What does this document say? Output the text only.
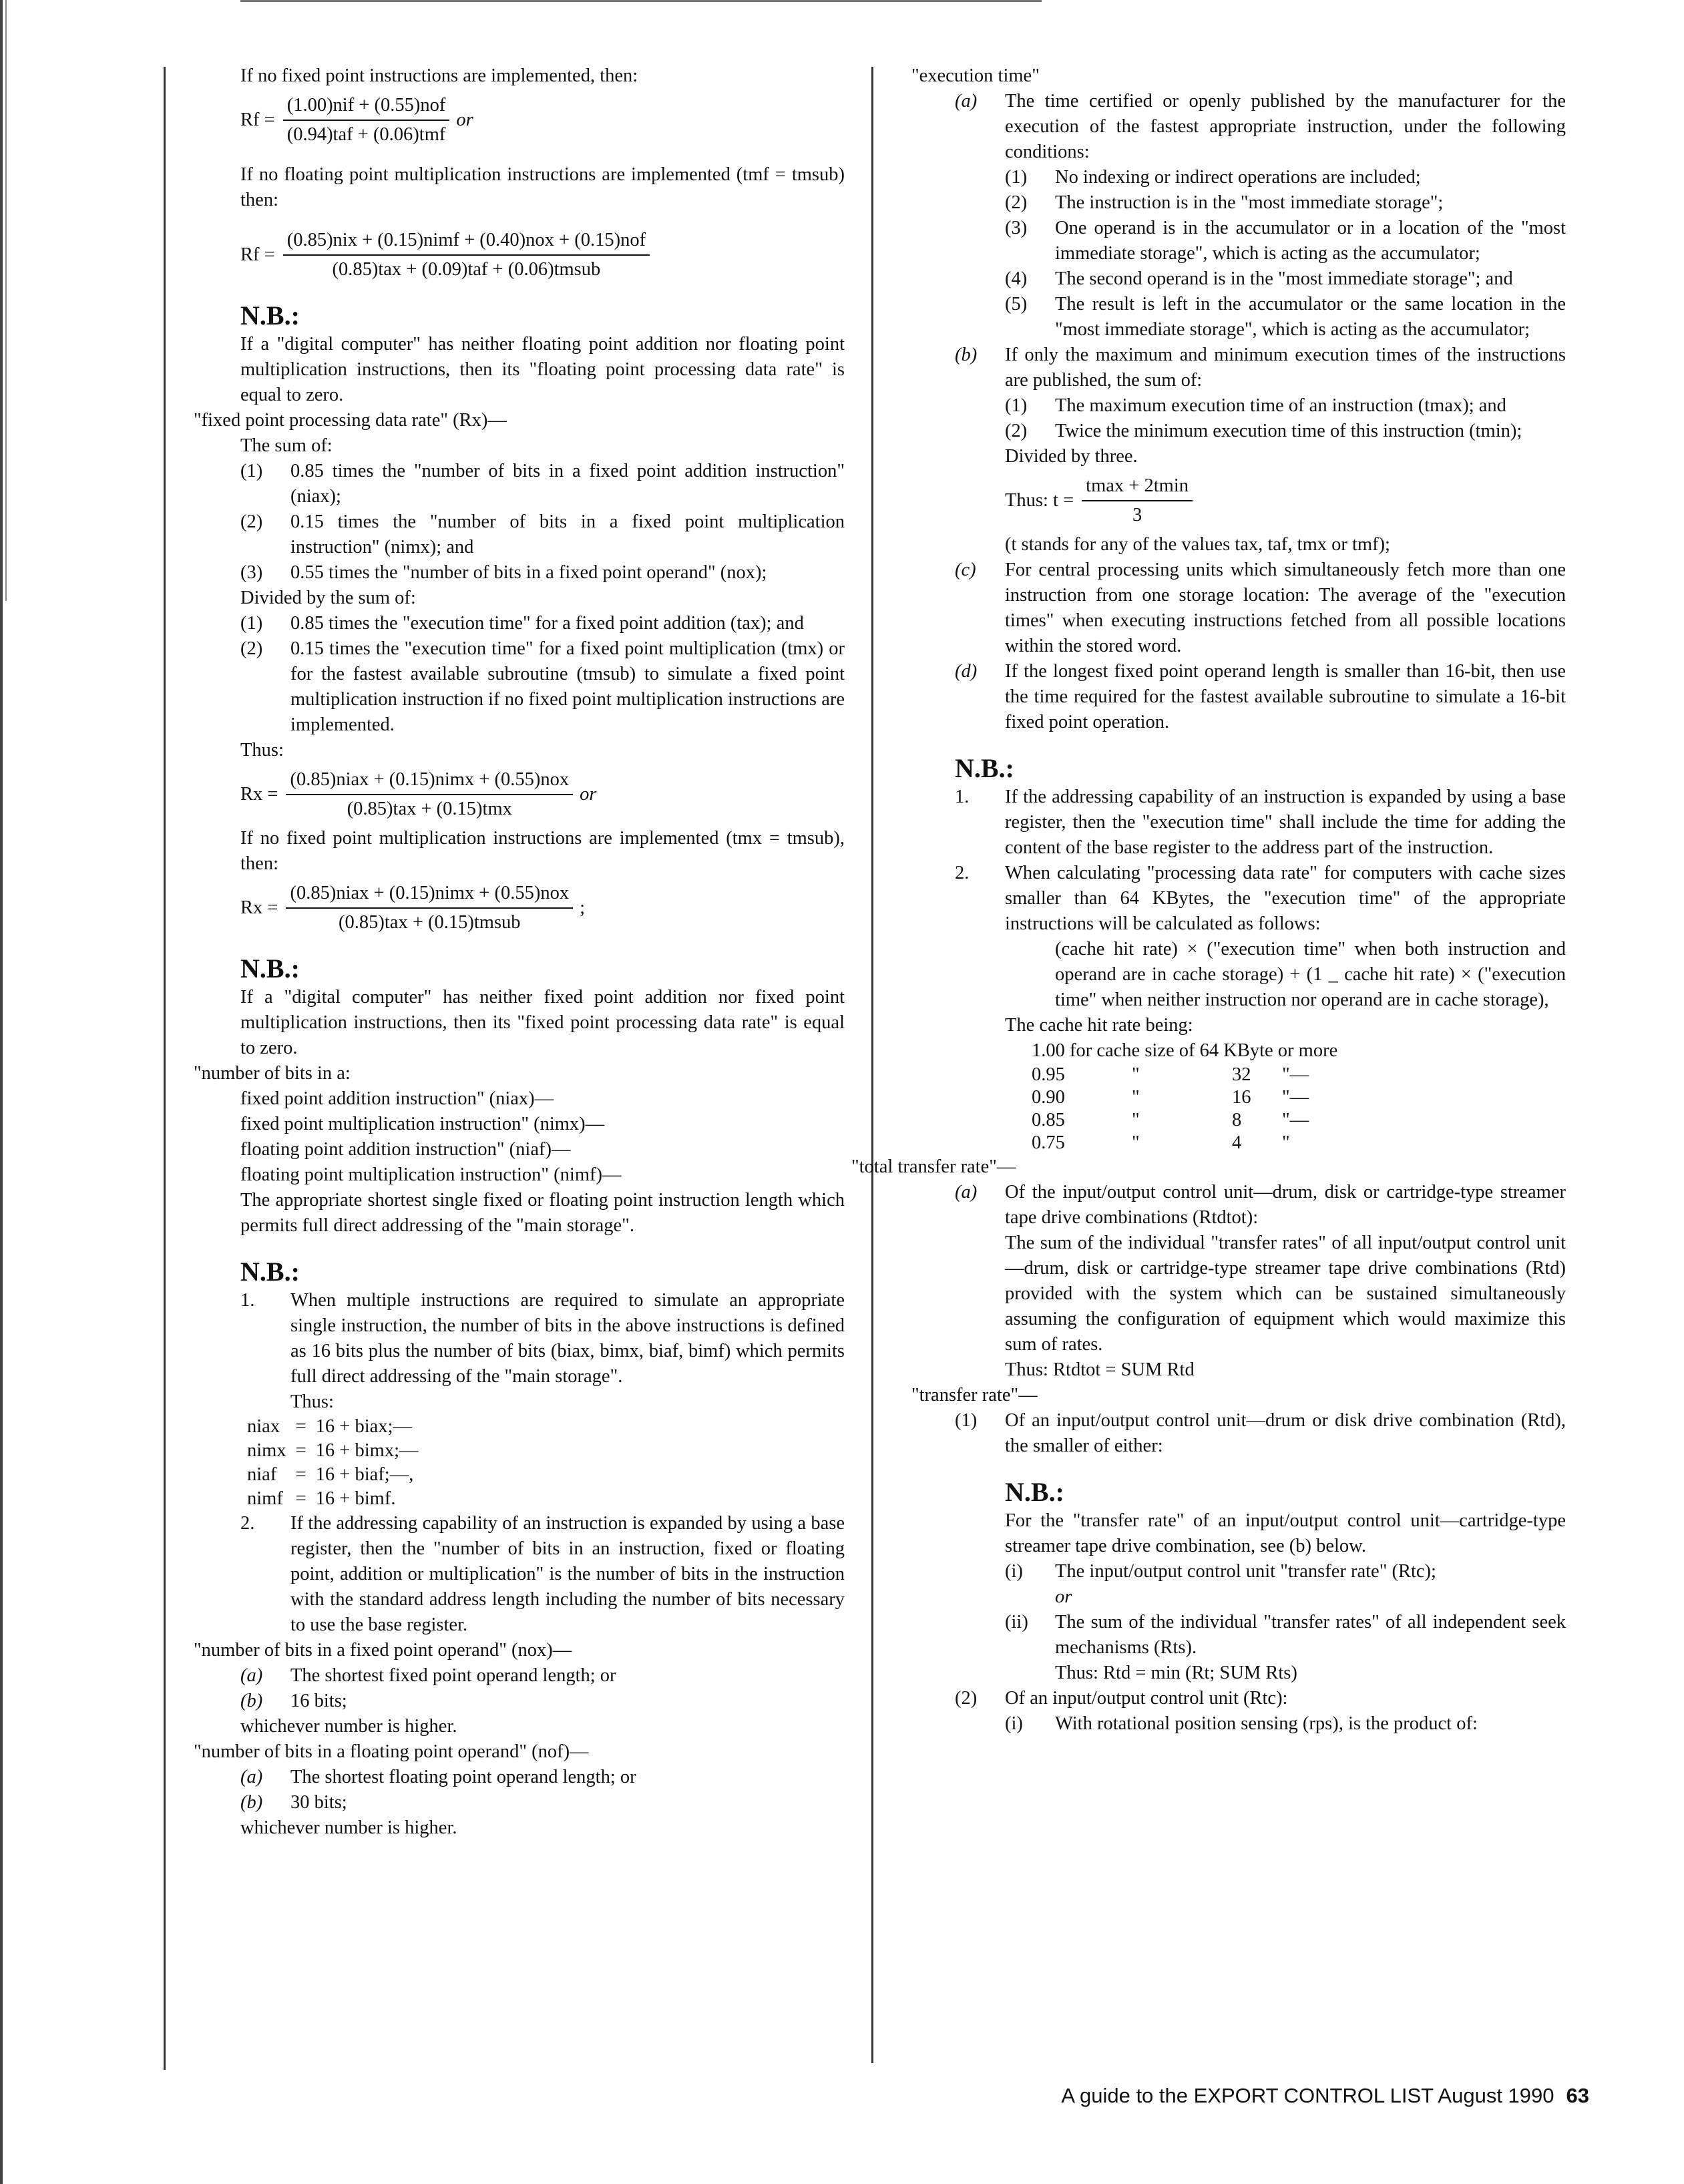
If no fixed point instructions are implemented, then:

$Rf = \frac{\text{(1.00)nif + (0.55)nof}}{\text{(0.94)taf + (0.06)tmf}}$ or

If no floating point multiplication instructions are implemented (tmf = tmsub) then:

$Rf = \frac{\text{(0.85)nix + (0.15)nimf + (0.40)nox + (0.15)nof}}{\text{(0.85)tax + (0.09)taf + (0.06)tmsub}}$

N.B.:

If a "digital computer" has neither floating point addition nor floating point multiplication instructions, then its "floating point processing data rate" is equal to zero.

"fixed point processing data rate" (Rx)—

The sum of:

(1)	0.85 times the "number of bits in a fixed point addition instruction" (niax);
(2)	0.15 times the "number of bits in a fixed point multiplication instruction" (nimx); and
(3)	0.55 times the "number of bits in a fixed point operand" (nox);

Divided by the sum of:

(1)	0.85 times the "execution time" for a fixed point addition (tax); and
(2)	0.15 times the "execution time" for a fixed point multiplication (tmx) or for the fastest available subroutine (tmsub) to simulate a fixed point multiplication instruction if no fixed point multiplication instructions are implemented.

Thus:

$Rx = \frac{\text{(0.85)niax + (0.15)nimx + (0.55)nox}}{\text{(0.85)tax + (0.15)tmx}}$ or

If no fixed point multiplication instructions are implemented (tmx = tmsub), then:

$Rx = \frac{\text{(0.85)niax + (0.15)nimx + (0.55)nox}}{\text{(0.85)tax + (0.15)tmsub}}$ ;

N.B.:

If a "digital computer" has neither fixed point addition nor fixed point multiplication instructions, then its "fixed point processing data rate" is equal to zero.

"number of bits in a:

fixed point addition instruction" (niax)—

fixed point multiplication instruction" (nimx)—

floating point addition instruction" (niaf)—

floating point multiplication instruction" (nimf)—

The appropriate shortest single fixed or floating point instruction length which permits full direct addressing of the "main storage".

N.B.:

1.	When multiple instructions are required to simulate an appropriate single instruction, the number of bits in the above instructions is defined as 16 bits plus the number of bits (biax, bimx, biaf, bimf) which permits full direct addressing of the "main storage".

Thus:

niax	=	16 + biax;—
nimx	=	16 + bimx;—
niaf	=	16 + biaf;—,
nimf	=	16 + bimf.
2.	If the addressing capability of an instruction is expanded by using a base register, then the "number of bits in an instruction, fixed or floating point, addition or multiplication" is the number of bits in the instruction with the standard address length including the number of bits necessary to use the base register.

"number of bits in a fixed point operand" (nox)—

(a)	The shortest fixed point operand length; or
(b)	16 bits;

whichever number is higher.

"number of bits in a floating point operand" (nof)—

(a)	The shortest floating point operand length; or
(b)	30 bits;

whichever number is higher.

"execution time"

(a)	The time certified or openly published by the manufacturer for the execution of the fastest appropriate instruction, under the following conditions:
(1)	No indexing or indirect operations are included;
(2)	The instruction is in the "most immediate storage";
(3)	One operand is in the accumulator or in a location of the "most immediate storage", which is acting as the accumulator;
(4)	The second operand is in the "most immediate storage"; and
(5)	The result is left in the accumulator or the same location in the "most immediate storage", which is acting as the accumulator;
(b)	If only the maximum and minimum execution times of the instructions are published, the sum of:
(1)	The maximum execution time of an instruction (tmax); and
(2)	Twice the minimum execution time of this instruction (tmin);

Divided by three.

Thus: $t = \frac{tmax + 2tmin}{3}$

(t stands for any of the values tax, taf, tmx or tmf);

(c)	For central processing units which simultaneously fetch more than one instruction from one storage location: The average of the "execution times" when executing instructions fetched from all possible locations within the stored word.
(d)	If the longest fixed point operand length is smaller than 16-bit, then use the time required for the fastest available subroutine to simulate a 16-bit fixed point operation.

N.B.:

1.	If the addressing capability of an instruction is expanded by using a base register, then the "execution time" shall include the time for adding the content of the base register to the address part of the instruction.
2.	When calculating "processing data rate" for computers with cache sizes smaller than 64 KBytes, the "execution time" of the appropriate instructions will be calculated as follows:

(cache hit rate) × ("execution time" when both instruction and operand are in cache storage) + (1 _ cache hit rate) × ("execution time" when neither instruction nor operand are in cache storage),

The cache hit rate being:

1.00 for cache size of 64 KByte or more

0.95	"	32	"—
0.90	"	16	"—
0.85	"	8	"—
0.75	"	4	"

"total transfer rate"—

(a)	Of the input/output control unit—drum, disk or cartridge-type streamer tape drive combinations (Rtdtot):

The sum of the individual "transfer rates" of all input/output control unit—drum, disk or cartridge-type streamer tape drive combinations (Rtd) provided with the system which can be sustained simultaneously assuming the configuration of equipment which would maximize this sum of rates.

Thus: Rtdtot = SUM Rtd

"transfer rate"—

(1)	Of an input/output control unit—drum or disk drive combination (Rtd), the smaller of either:

N.B.:

For the "transfer rate" of an input/output control unit—cartridge-type streamer tape drive combination, see (b) below.

(i)	The input/output control unit "transfer rate" (Rtc);

or

(ii)	The sum of the individual "transfer rates" of all independent seek mechanisms (Rts).

Thus: Rtd = min (Rt; SUM Rts)

(2)	Of an input/output control unit (Rtc):
(i)	With rotational position sensing (rps), is the product of:
A guide to the EXPORT CONTROL LIST August 1990 63
